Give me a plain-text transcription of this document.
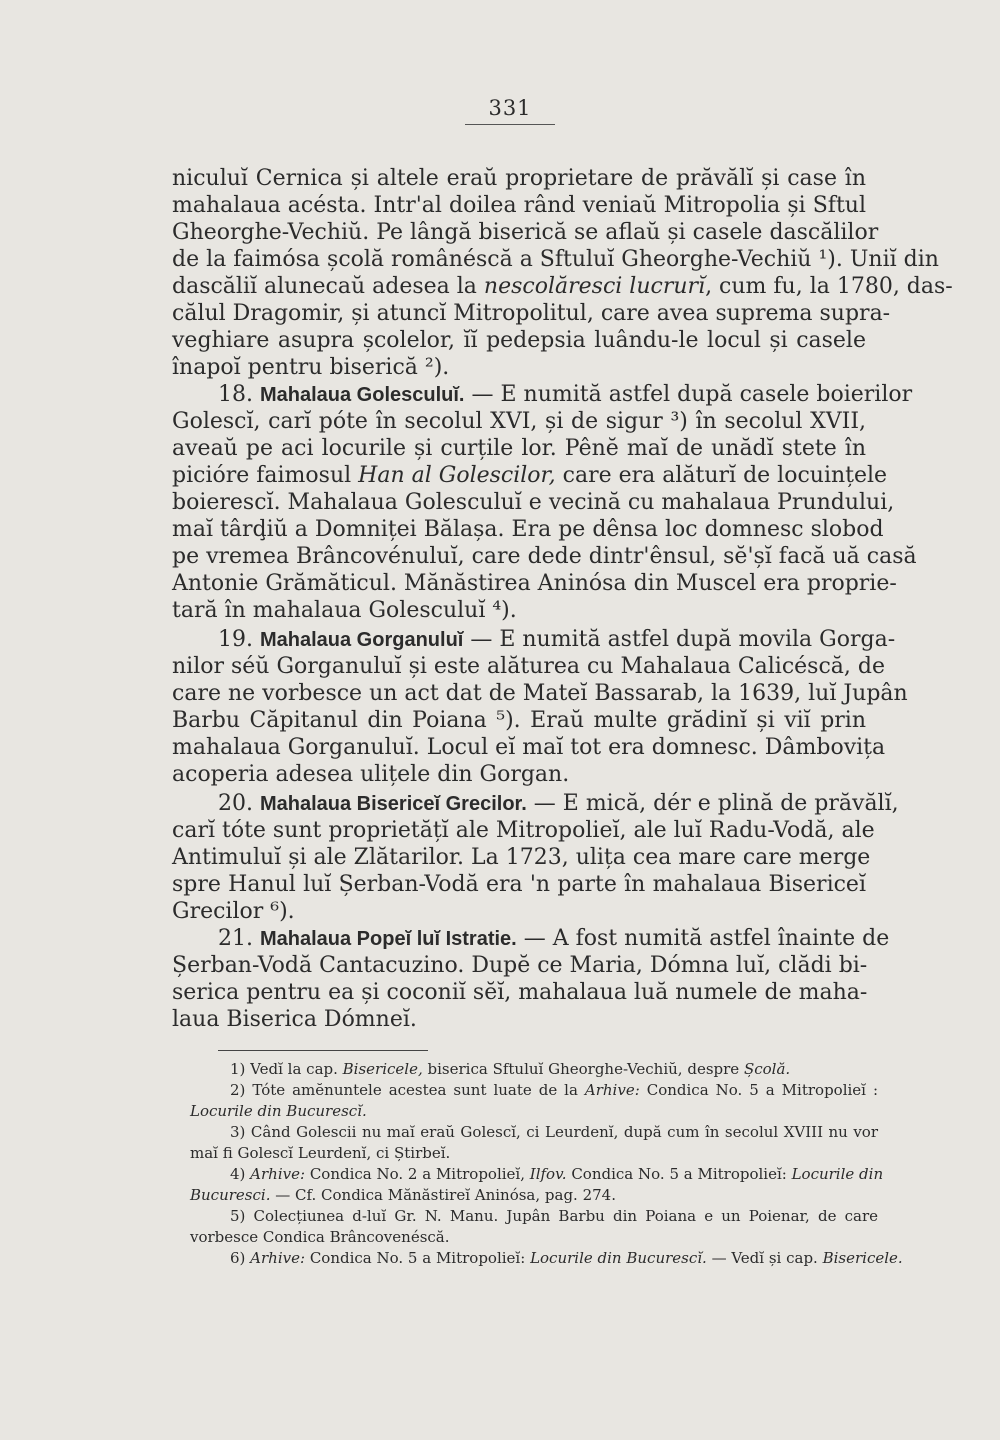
331
niculuĭ Cernica și altele eraŭ proprietare de prăvălĭ și case în
mahalaua acésta. Intr'al doilea rând veniaŭ Mitropolia și Sftul
Gheorghe-Vechiŭ. Pe lângă biserică se aflaŭ și casele dascălilor
de la faimósa școlă românéscă a Sftuluĭ Gheorghe-Vechiŭ ¹). Uniĭ din
dascăliĭ alunecaŭ adesea la nescolăresci lucrurĭ, cum fu, la 1780, das-
călul Dragomir, și atuncĭ Mitropolitul, care avea suprema supra-
veghiare asupra școlelor, ĭĭ pedepsia luându-le locul și casele
înapoĭ pentru biserică ²).
18. Mahalaua Golesculuĭ. — E numită astfel după casele boierilor
Golescĭ, carĭ póte în secolul XVI, și de sigur ³) în secolul XVII,
aveaŭ pe aci locurile și curțile lor. Pênĕ maĭ de unădĭ stete în
piciórе faimosul Han al Golescilor, care era alăturĭ de locuințele
boierescĭ. Mahalaua Golesculuĭ e vecină cu mahalaua Prundului,
maĭ târḑiŭ a Domniței Bălașa. Era pe dênsa loc domnesc slobod
pe vremea Brâncovénuluĭ, care dede dintr'ênsul, sĕ'șĭ facă uă casă
Antonie Grămăticul. Mănăstirea Aninósa din Muscel era proprie-
tară în mahalaua Golesculuĭ ⁴).
19. Mahalaua Gorganuluĭ — E numită astfel după movila Gorga-
nilor séŭ Gorganuluĭ și este alăturea cu Mahalaua Calicéscă, de
care ne vorbesce un act dat de Mateĭ Bassarab, la 1639, luĭ Jupân
Barbu Căpitanul din Poiana ⁵). Eraŭ multe grădinĭ și viĭ prin
mahalaua Gorganuluĭ. Locul eĭ maĭ tot era domnesc. Dâmbovița
acoperia adesea ulițele din Gorgan.
20. Mahalaua Bisericeĭ Grecilor. — E mică, dér e plină de prăvălĭ,
carĭ tóte sunt proprietățĭ ale Mitropolieĭ, ale luĭ Radu-Vodă, ale
Antimuluĭ și ale Zlătarilor. La 1723, ulița cea mare care merge
spre Hanul luĭ Șerban-Vodă era 'n parte în mahalaua Bisericeĭ
Grecilor ⁶).
21. Mahalaua Popeĭ luĭ Istratie. — A fost numită astfel înainte de
Șerban-Vodă Cantacuzino. Dupĕ ce Maria, Dómna luĭ, clădi bi-
serica pentru ea și coconiĭ sĕĭ, mahalaua luă numele de maha-
laua Biserica Dómneĭ.
1) Vedĭ la cap. Bisericele, biserica Sftuluĭ Gheorghe-Vechiŭ, despre Școlă.
2) Tóte amĕnuntele acestea sunt luate de la Arhive: Condica No. 5 a Mitropolieĭ :
Locurile din Bucurescĭ.
3) Când Golescii nu maĭ eraŭ Golescĭ, ci Leurdenĭ, după cum în secolul XVIII nu vor
maĭ fi Golescĭ Leurdenĭ, ci Știrbeĭ.
4) Arhive: Condica No. 2 a Mitropolieĭ, Ilfov. Condica No. 5 a Mitropolieĭ: Locurile din
Bucuresci. — Cf. Condica Mănăstireĭ Aninósa, pag. 274.
5) Colecțiunea d-luĭ Gr. N. Manu. Jupân Barbu din Poiana e un Poienar, de care
vorbesce Condica Brâncovenéscă.
6) Arhive: Condica No. 5 a Mitropolieĭ: Locurile din Bucurescĭ. — Vedĭ și cap. Bisericele.
